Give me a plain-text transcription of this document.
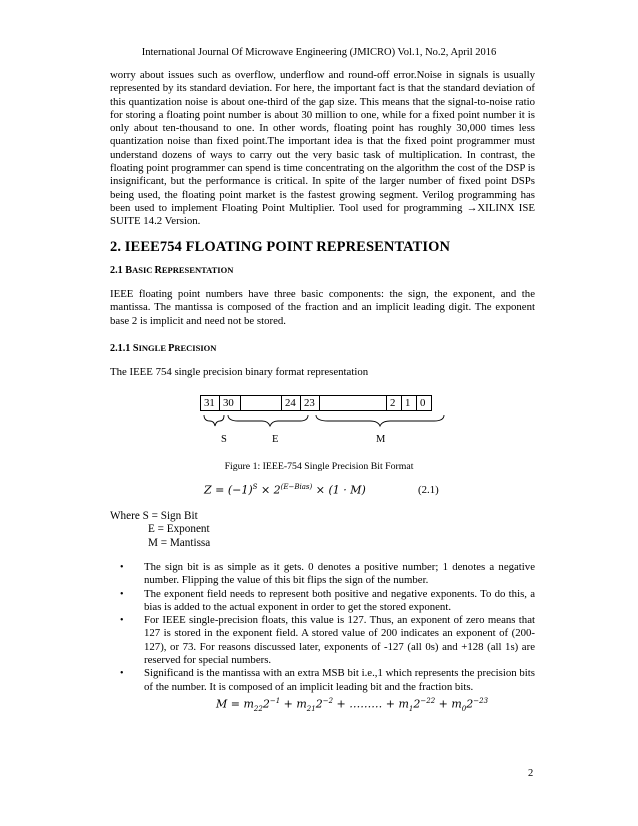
International Journal Of Microwave Engineering (JMICRO) Vol.1, No.2, April 2016
worry about issues such as overflow, underflow and round-off error.Noise in signals is usually represented by its standard deviation. For here, the important fact is that the standard deviation of this quantization noise is about one-third of the gap size. This means that the signal-to-noise ratio for storing a floating point number is about 30 million to one, while for a fixed point number it is only about ten-thousand to one. In other words, floating point has roughly 30,000 times less quantization noise than fixed point.The important idea is that the fixed point programmer must understand dozens of ways to carry out the very basic task of multiplication. In contrast, the floating point programmer can spend is time concentrating on the algorithm the cost of the DSP is insignificant, but the performance is critical. In spite of the larger number of fixed point DSPs being used, the floating point market is the fastest growing segment. Verilog programming has been used to implement Floating Point Multiplier. Tool used for programming →XILINX ISE SUITE 14.2 Version.
2. IEEE754 FLOATING POINT REPRESENTATION
2.1 BASIC REPRESENTATION
IEEE floating point numbers have three basic components: the sign, the exponent, and the mantissa. The mantissa is composed of the fraction and an implicit leading digit. The exponent base 2 is implicit and need not be stored.
2.1.1 SINGLE PRECISION
The IEEE 754 single precision binary format representation
31	30		24	23		2	1	0
S	E	M
Figure 1: IEEE-754 Single Precision Bit Format
$Z = (-1)^S \times 2^{(E-Bias)} \times (1 \cdot M)$	(2.1)
Where S = Sign Bit
E = Exponent
M = Mantissa
•	The sign bit is as simple as it gets. 0 denotes a positive number; 1 denotes a negative number. Flipping the value of this bit flips the sign of the number.
•	The exponent field needs to represent both positive and negative exponents. To do this, a bias is added to the actual exponent in order to get the stored exponent.
•	For IEEE single-precision floats, this value is 127. Thus, an exponent of zero means that 127 is stored in the exponent field. A stored value of 200 indicates an exponent of (200-127), or 73. For reasons discussed later, exponents of -127 (all 0s) and +128 (all 1s) are reserved for special numbers.
•	Significand is the mantissa with an extra MSB bit i.e.,1 which represents the precision bits of the number. It is composed of an implicit leading bit and the fraction bits.
$M = m_{22}2^{-1} + m_{21}2^{-2}$ + ……… + $m_12^{-22} + m_02^{-23}$
2
